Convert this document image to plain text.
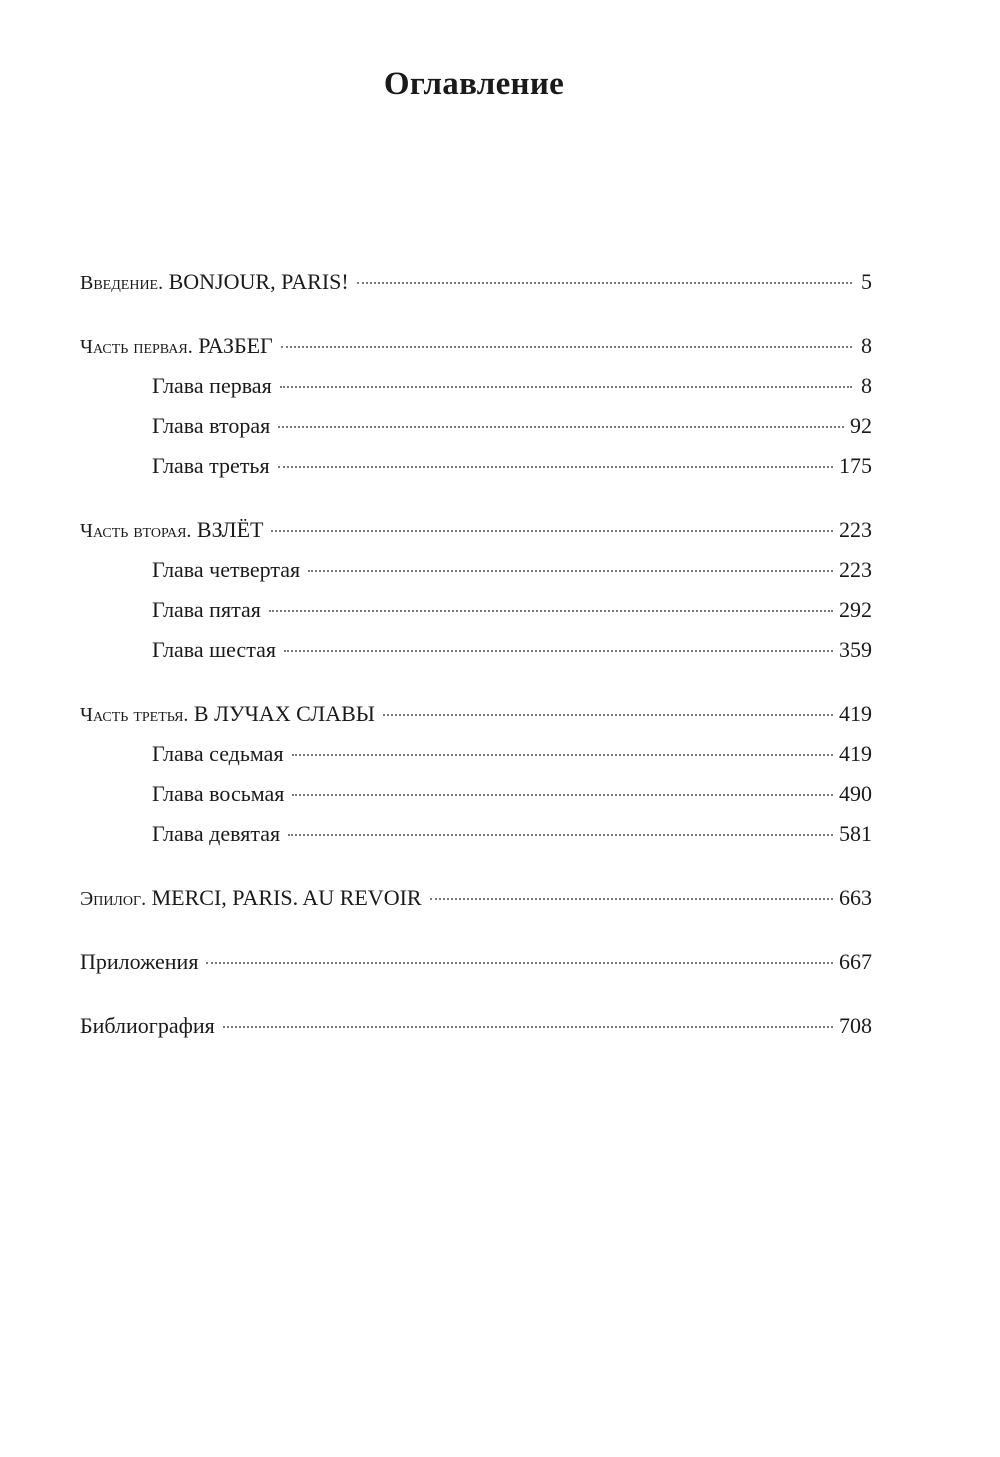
Оглавление
Введение. BONJOUR, PARIS!	5
Часть первая. РАЗБЕГ	8
Глава первая	8
Глава вторая	92
Глава третья	175
Часть вторая. ВЗЛЁТ	223
Глава четвертая	223
Глава пятая	292
Глава шестая	359
Часть третья. В ЛУЧАХ СЛАВЫ	419
Глава седьмая	419
Глава восьмая	490
Глава девятая	581
Эпилог. MERCI, PARIS. AU REVOIR	663
Приложения	667
Библиография	708
